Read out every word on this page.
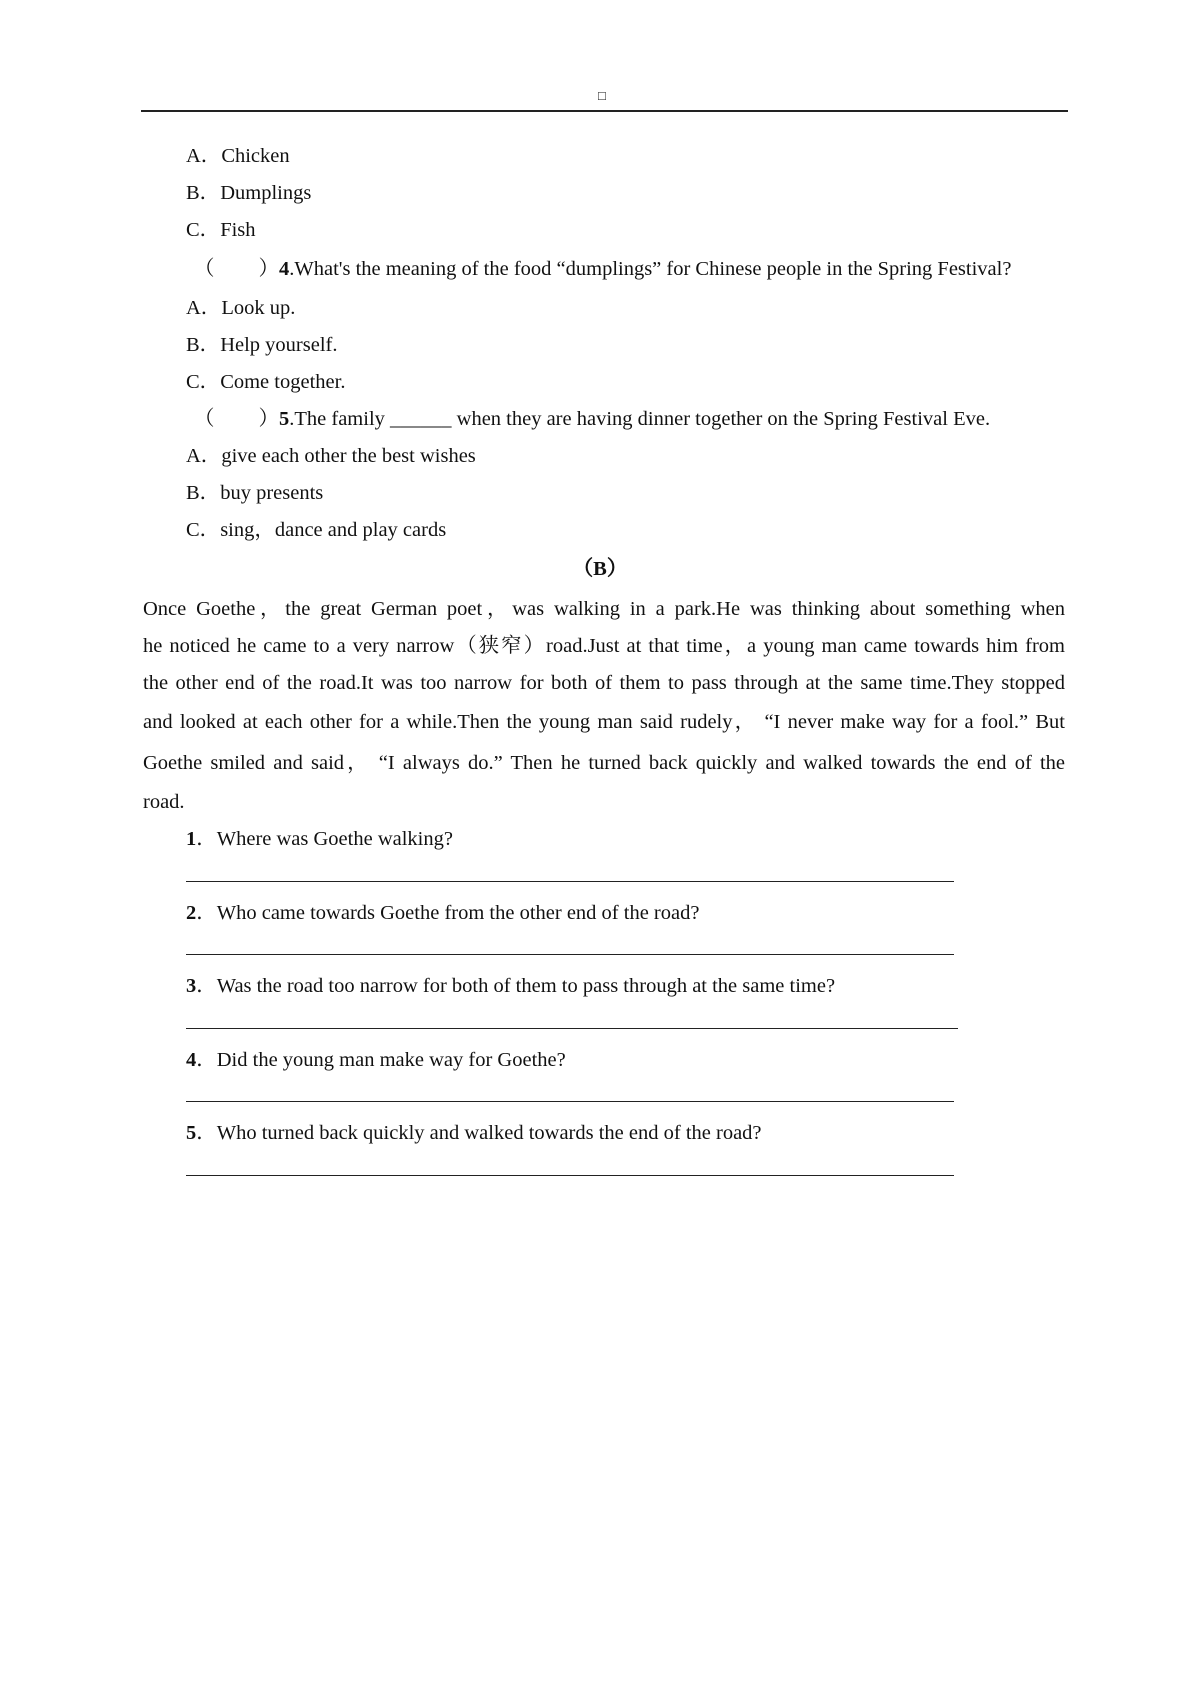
□
A．Chicken
B．Dumplings
C．Fish
（ ）4.What's the meaning of the food “dumplings” for Chinese people in the Spring Festival?
A．Look up.
B．Help yourself.
C．Come together.
（ ）5.The family ______ when they are having dinner together on the Spring Festival Eve.
A．give each other the best wishes
B．buy presents
C．sing，dance and play cards
（B）
Once Goethe，the great German poet，was walking in a park.He was thinking about something when
he noticed he came to a very narrow（狭窄）road.Just at that time，a young man came towards him from
the other end of the road.It was too narrow for both of them to pass through at the same time.They stopped
and looked at each other for a while.Then the young man said rudely， “I never make way for a fool.” But
Goethe smiled and said， “I always do.” Then he turned back quickly and walked towards the end of the
road.
1．Where was Goethe walking?
2．Who came towards Goethe from the other end of the road?
3．Was the road too narrow for both of them to pass through at the same time?
4．Did the young man make way for Goethe?
5．Who turned back quickly and walked towards the end of the road?
